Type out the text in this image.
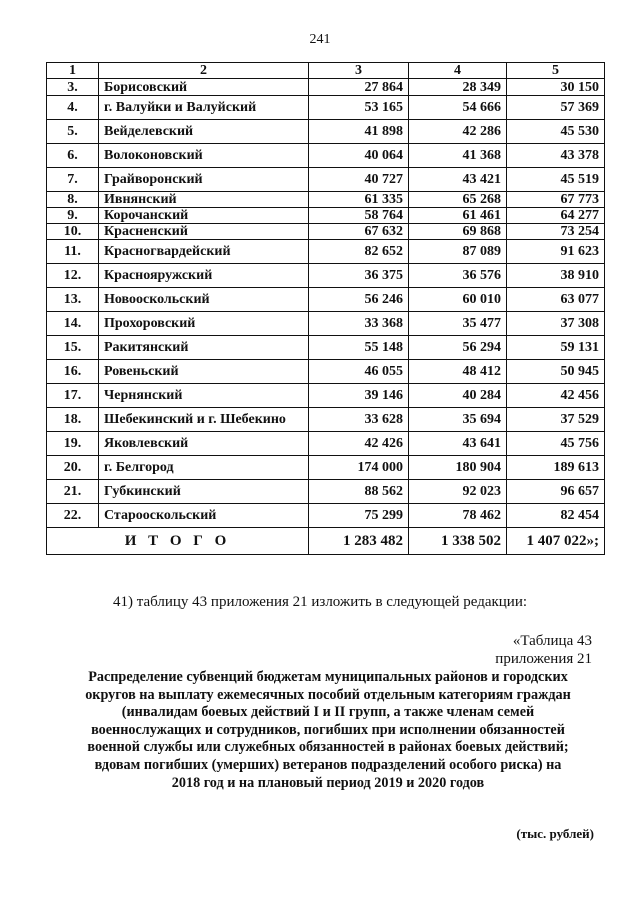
241
1	2	3	4	5
3.	Борисовский	27 864	28 349	30 150
4.	г. Валуйки и Валуйский	53 165	54 666	57 369
5.	Вейделевский	41 898	42 286	45 530
6.	Волоконовский	40 064	41 368	43 378
7.	Грайворонский	40 727	43 421	45 519
8.	Ивнянский	61 335	65 268	67 773
9.	Корочанский	58 764	61 461	64 277
10.	Красненский	67 632	69 868	73 254
11.	Красногвардейский	82 652	87 089	91 623
12.	Краснояружский	36 375	36 576	38 910
13.	Новооскольский	56 246	60 010	63 077
14.	Прохоровский	33 368	35 477	37 308
15.	Ракитянский	55 148	56 294	59 131
16.	Ровеньский	46 055	48 412	50 945
17.	Чернянский	39 146	40 284	42 456
18.	Шебекинский и г. Шебекино	33 628	35 694	37 529
19.	Яковлевский	42 426	43 641	45 756
20.	г. Белгород	174 000	180 904	189 613
21.	Губкинский	88 562	92 023	96 657
22.	Старооскольский	75 299	78 462	82 454
И Т О Г О		1 283 482	1 338 502	1 407 022»;
41) таблицу 43 приложения 21 изложить в следующей редакции:
«Таблица 43
приложения 21
Распределение субвенций бюджетам муниципальных районов и городских
округов на выплату ежемесячных пособий отдельным категориям граждан
(инвалидам боевых действий I и II групп, а также членам семей
военнослужащих и сотрудников, погибших при исполнении обязанностей
военной службы или служебных обязанностей в районах боевых действий;
вдовам погибших (умерших) ветеранов подразделений особого риска) на
2018 год и на плановый период 2019 и 2020 годов
(тыс. рублей)
